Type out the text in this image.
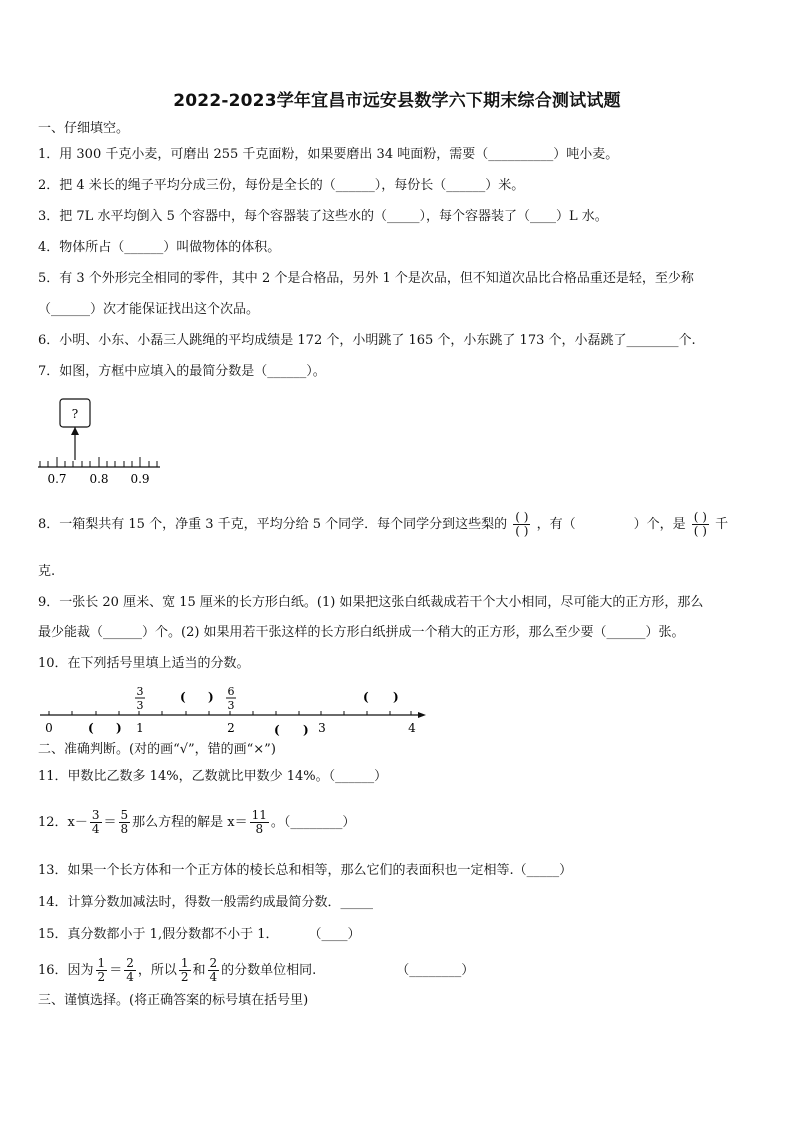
2022-2023学年宜昌市远安县数学六下期末综合测试试题
一、仔细填空。
1．用 300 千克小麦，可磨出 255 千克面粉，如果要磨出 34 吨面粉，需要（__________）吨小麦。
2．把 4 米长的绳子平均分成三份，每份是全长的（______），每份长（______）米。
3．把 7L 水平均倒入 5 个容器中，每个容器装了这些水的（_____），每个容器装了（____）L 水。
4．物体所占（______）叫做物体的体积。
5．有 3 个外形完全相同的零件，其中 2 个是合格品，另外 1 个是次品，但不知道次品比合格品重还是轻，至少称
（______）次才能保证找出这个次品。
6．小明、小东、小磊三人跳绳的平均成绩是 172 个，小明跳了 165 个，小东跳了 173 个，小磊跳了________个.
7．如图，方框中应填入的最简分数是（______）。
?
0.7 0.8 0.9
8．一箱梨共有 15 个，净重 3 千克，平均分给 5 个同学．每个同学分到这些梨的 $\frac{( )}{( )}$ ，有（	）个，是 $\frac{( )}{( )}$ 千
克.
9．一张长 20 厘米、宽 15 厘米的长方形白纸。(1) 如果把这张白纸裁成若干个大小相同，尽可能大的正方形，那么
最少能裁（______）个。(2) 如果用若干张这样的长方形白纸拼成一个稍大的正方形，那么至少要（______）张。
10．在下列括号里填上适当的分数。
0	1	2	3	4
3
3
6
3
( )	( )
( )	( )
二、准确判断。(对的画“√”，错的画“×”)
11．甲数比乙数多 14%，乙数就比甲数少 14%。（______）
12．$x- \frac{3}{4} = \frac{5}{8}$ 那么方程的解是 $x= \frac{11}{8}$ 。（________）
13．如果一个长方体和一个正方体的棱长总和相等，那么它们的表面积也一定相等.（_____）
14．计算分数加减法时，得数一般需约成最简分数．_____
15．真分数都小于 1,假分数都不小于 1． （____）
16．因为 $\frac{1}{2} = \frac{2}{4}$ ，所以 $\frac{1}{2}$ 和 $\frac{2}{4}$ 的分数单位相同.	（________）
三、谨慎选择。(将正确答案的标号填在括号里)
